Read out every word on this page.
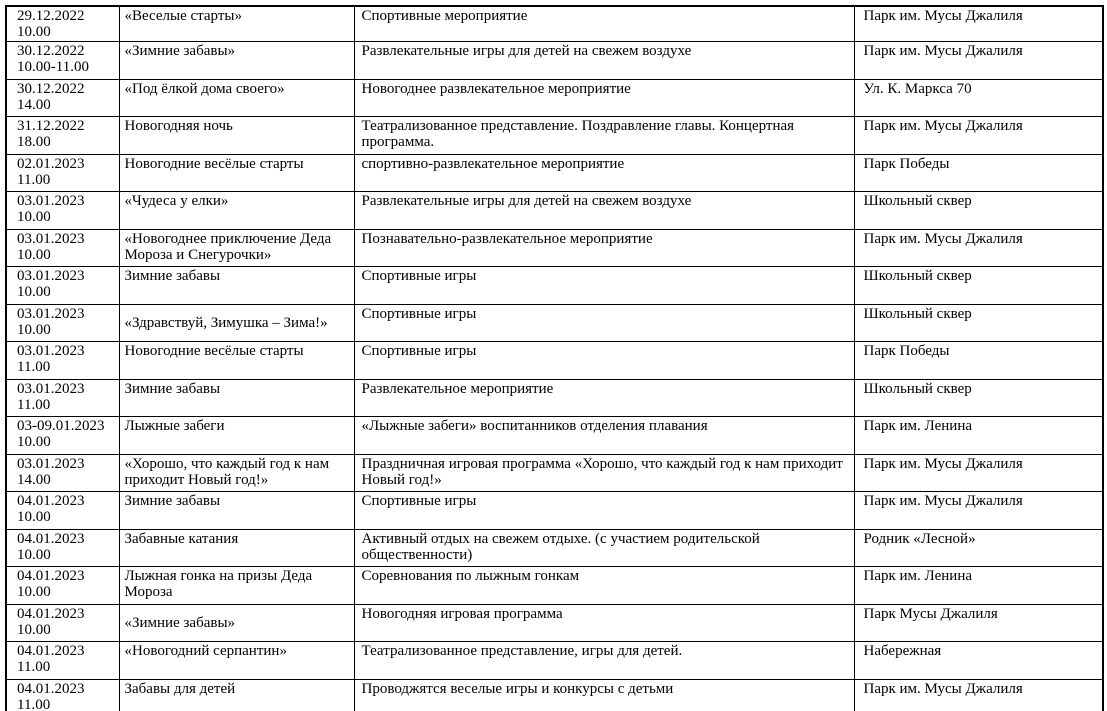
29.12.2022
10.00	«Веселые старты»	Спортивные мероприятие	Парк им. Мусы Джалиля

30.12.2022
10.00-11.00	«Зимние забавы»	Развлекательные игры для детей на свежем воздухе	Парк им. Мусы Джалиля

30.12.2022
14.00	«Под ёлкой дома своего»	Новогоднее развлекательное мероприятие	Ул. К. Маркса 70

31.12.2022
18.00	Новогодняя ночь	Театрализованное представление. Поздравление главы. Концертная программа.	Парк им. Мусы Джалиля

02.01.2023
11.00	Новогодние весёлые старты	спортивно-развлекательное мероприятие	Парк Победы

03.01.2023
10.00	«Чудеса у елки»	Развлекательные игры для детей на свежем воздухе	Школьный сквер

03.01.2023
10.00	«Новогоднее приключение Деда Мороза и Снегурочки»	Познавательно-развлекательное мероприятие	Парк им. Мусы Джалиля

03.01.2023
10.00	Зимние забавы	Спортивные игры	Школьный сквер

03.01.2023
10.00	«Здравствуй, Зимушка – Зима!»	Спортивные игры	Школьный сквер

03.01.2023
11.00	Новогодние весёлые старты	Спортивные игры	Парк Победы

03.01.2023
11.00	Зимние забавы	Развлекательное мероприятие	Школьный сквер

03-09.01.2023
10.00	Лыжные забеги	«Лыжные забеги» воспитанников отделения плавания	Парк им. Ленина

03.01.2023
14.00	«Хорошо, что каждый год к нам приходит Новый год!»	Праздничная игровая программа «Хорошо, что каждый год к нам приходит Новый год!»	Парк им. Мусы Джалиля

04.01.2023
10.00	Зимние забавы	Спортивные игры	Парк им. Мусы Джалиля

04.01.2023
10.00	Забавные катания	Активный отдых на свежем отдыхе. (с участием родительской общественности)	Родник «Лесной»

04.01.2023
10.00	Лыжная гонка на призы Деда Мороза	Соревнования по лыжным гонкам	Парк им. Ленина

04.01.2023
10.00	«Зимние забавы»	Новогодняя игровая программа	Парк Мусы Джалиля

04.01.2023
11.00	«Новогодний серпантин»	Театрализованное представление, игры для детей.	Набережная

04.01.2023
11.00	Забавы для детей	Проводжятся веселые игры и конкурсы с детьми	Парк им. Мусы Джалиля
